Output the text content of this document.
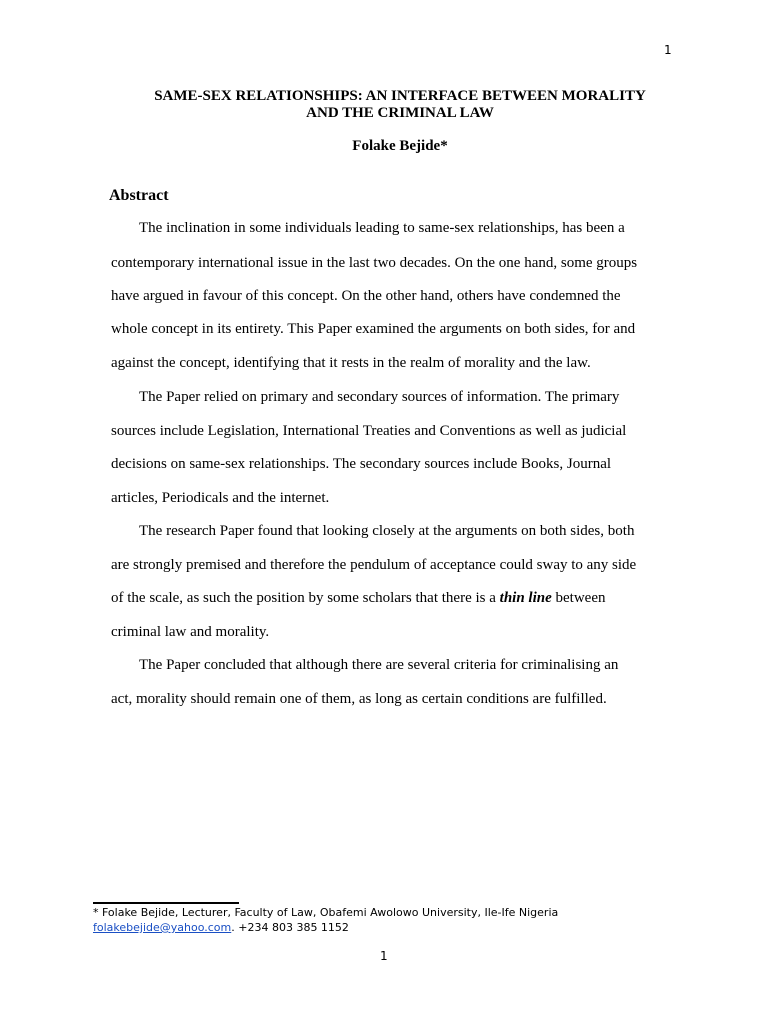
1
SAME-SEX RELATIONSHIPS: AN INTERFACE BETWEEN MORALITY
AND THE CRIMINAL LAW
Folake Bejide*
Abstract
The inclination in some individuals leading to same-sex relationships, has been a
contemporary international issue in the last two decades. On the one hand, some groups
have argued in favour of this concept. On the other hand, others have condemned the
whole concept in its entirety. This Paper examined the arguments on both sides, for and
against the concept, identifying that it rests in the realm of morality and the law.
The Paper relied on primary and secondary sources of information. The primary
sources include Legislation, International Treaties and Conventions as well as judicial
decisions on same-sex relationships. The secondary sources include Books, Journal
articles, Periodicals and the internet.
The research Paper found that looking closely at the arguments on both sides, both
are strongly premised and therefore the pendulum of acceptance could sway to any side
of the scale, as such the position by some scholars that there is a thin line between
criminal law and morality.
The Paper concluded that although there are several criteria for criminalising an
act, morality should remain one of them, as long as certain conditions are fulfilled.
* Folake Bejide, Lecturer, Faculty of Law, Obafemi Awolowo University, Ile-Ife Nigeria
folakebejide@yahoo.com. +234 803 385 1152
1
